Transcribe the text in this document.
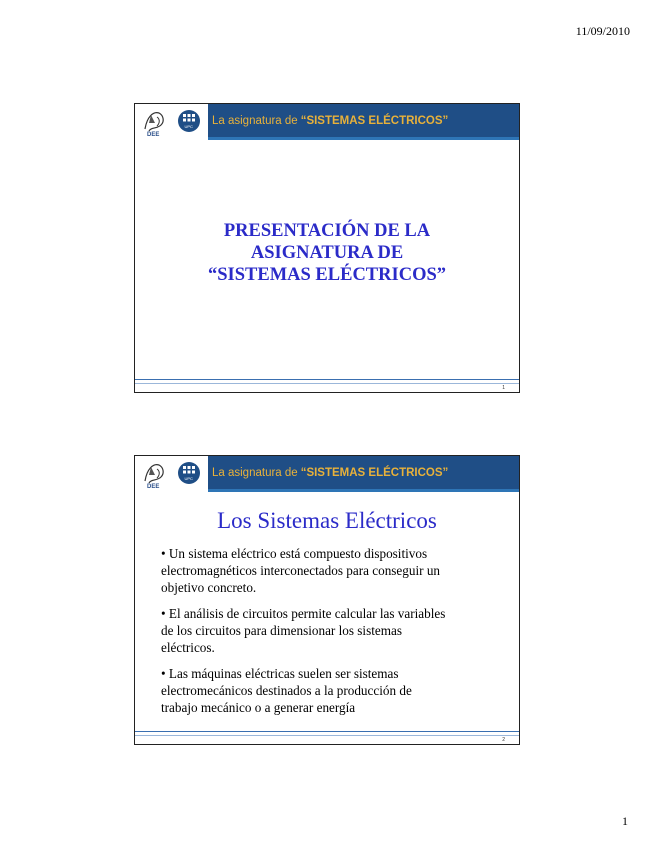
11/09/2010
DEE
UPC La asignatura de “SISTEMAS ELÉCTRICOS”
PRESENTACIÓN DE LA
ASIGNATURA DE
“SISTEMAS ELÉCTRICOS”
1
DEE
UPC La asignatura de “SISTEMAS ELÉCTRICOS”
Los Sistemas Eléctricos

• Un sistema eléctrico está compuesto dispositivos
electromagnéticos interconectados para conseguir un
objetivo concreto.

• El análisis de circuitos permite calcular las variables
de los circuitos para dimensionar los sistemas
eléctricos.

• Las máquinas eléctricas suelen ser sistemas
electromecánicos destinados a la producción de
trabajo mecánico o a generar energía

2
1
